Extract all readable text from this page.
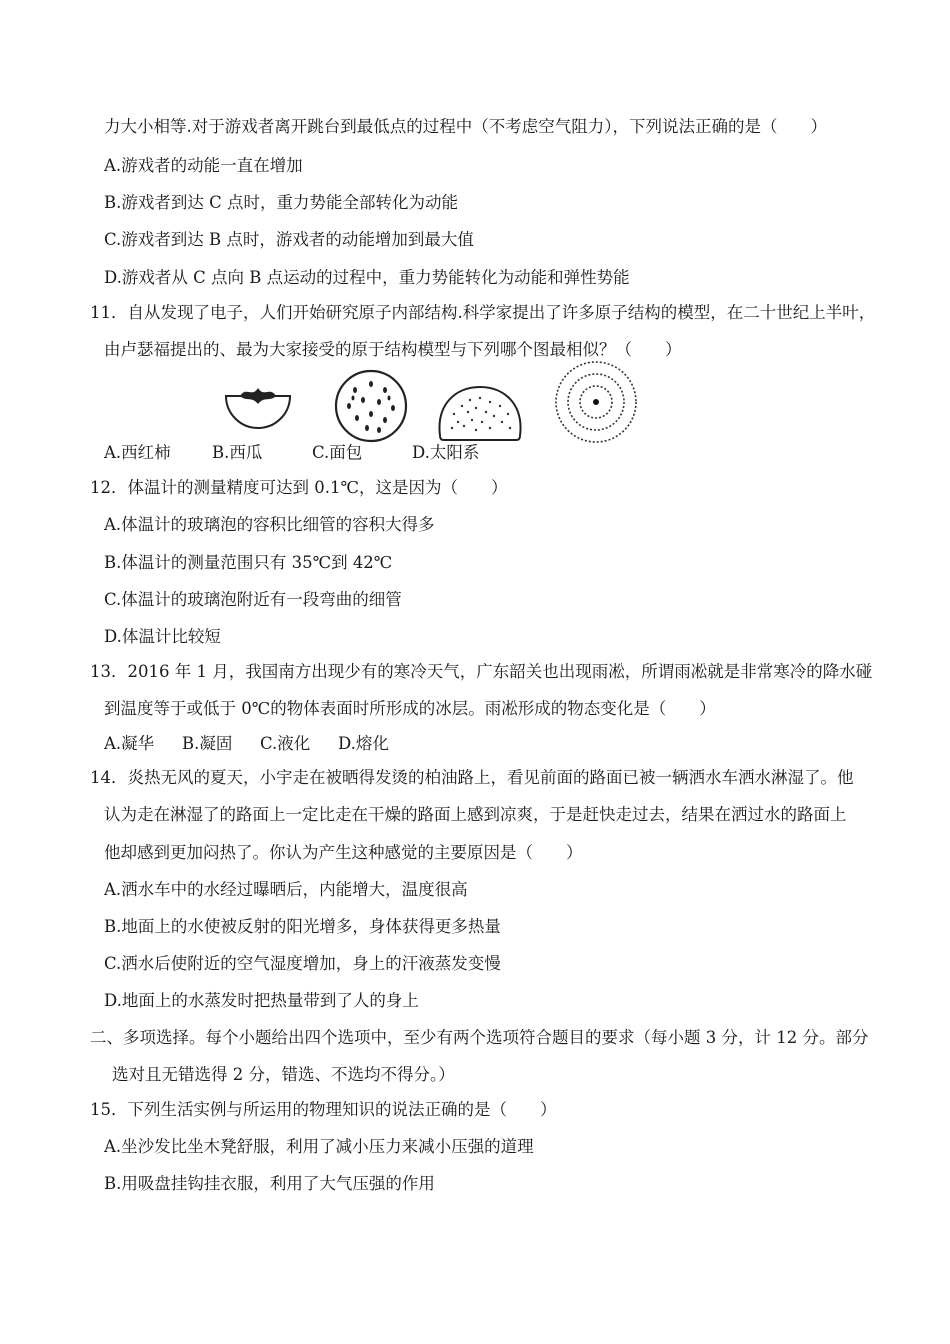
力大小相等.对于游戏者离开跳台到最低点的过程中（不考虑空气阻力），下列说法正确的是（　　）
A.游戏者的动能一直在增加
B.游戏者到达 C 点时，重力势能全部转化为动能
C.游戏者到达 B 点时，游戏者的动能增加到最大值
D.游戏者从 C 点向 B 点运动的过程中，重力势能转化为动能和弹性势能
11．自从发现了电子，人们开始研究原子内部结构.科学家提出了许多原子结构的模型，在二十世纪上半叶，
由卢瑟福提出的、最为大家接受的原于结构模型与下列哪个图最相似？（　　）
A.西红柿	B.西瓜	C.面包	D.太阳系
12．体温计的测量精度可达到 0.1℃，这是因为（　　）
A.体温计的玻璃泡的容积比细管的容积大得多
B.体温计的测量范围只有 35℃到 42℃
C.体温计的玻璃泡附近有一段弯曲的细管
D.体温计比较短
13．2016 年 1 月，我国南方出现少有的寒冷天气，广东韶关也出现雨凇，所谓雨凇就是非常寒冷的降水碰
到温度等于或低于 0℃的物体表面时所形成的冰层。雨凇形成的物态变化是（　　）
A.凝华 B.凝固 C.液化 D.熔化
14．炎热无风的夏天，小宇走在被晒得发烫的柏油路上，看见前面的路面已被一辆洒水车洒水淋湿了。他
认为走在淋湿了的路面上一定比走在干燥的路面上感到凉爽，于是赶快走过去，结果在洒过水的路面上
他却感到更加闷热了。你认为产生这种感觉的主要原因是（　　）
A.洒水车中的水经过曝晒后，内能增大，温度很高
B.地面上的水使被反射的阳光增多，身体获得更多热量
C.洒水后使附近的空气湿度增加，身上的汗液蒸发变慢
D.地面上的水蒸发时把热量带到了人的身上
二、多项选择。每个小题给出四个选项中，至少有两个选项符合题目的要求（每小题 3 分，计 12 分。部分
选对且无错选得 2 分，错选、不选均不得分。）
15．下列生活实例与所运用的物理知识的说法正确的是（　　）
A.坐沙发比坐木凳舒服，利用了减小压力来减小压强的道理
B.用吸盘挂钩挂衣服，利用了大气压强的作用
